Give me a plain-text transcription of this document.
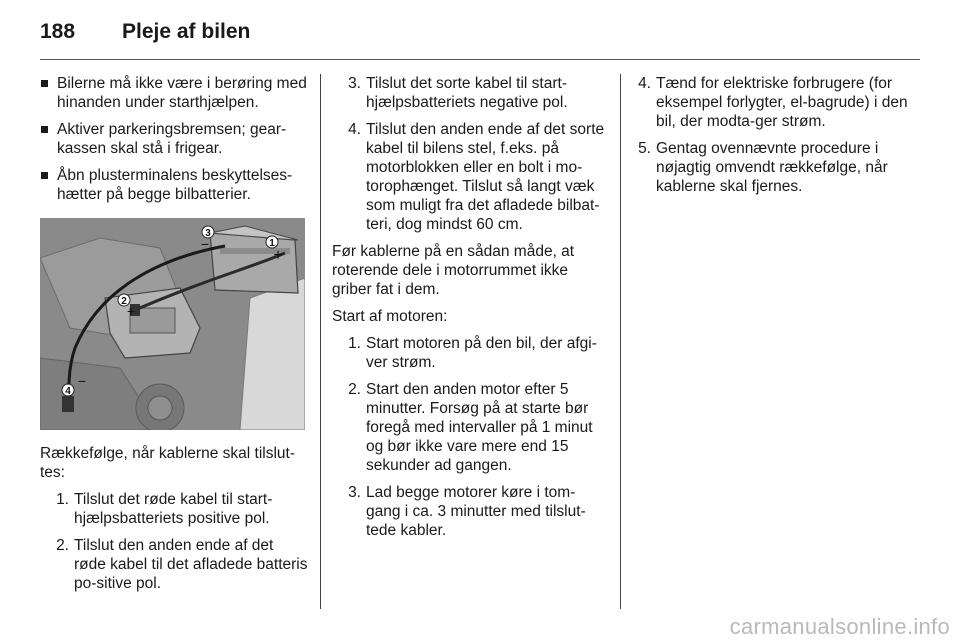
188	Pleje af bilen
Bilerne må ikke være i berøring med hinanden under starthjælpen.
Aktiver parkeringsbremsen; gear-kassen skal stå i frigear.
Åbn plusterminalens beskyttelses-hætter på begge bilbatterier.
3
−	1
+
2
+
4
−
Rækkefølge, når kablerne skal tilslut-tes:
1. Tilslut det røde kabel til start-hjælpsbatteriets positive pol.
2. Tilslut den anden ende af det røde kabel til det afladede batteris po-sitive pol.
3. Tilslut det sorte kabel til start-hjælpsbatteriets negative pol.
4. Tilslut den anden ende af det sorte kabel til bilens stel, f.eks. på motorblokken eller en bolt i mo-torophænget. Tilslut så langt væk som muligt fra det afladede bilbat-teri, dog mindst 60 cm.
Før kablerne på en sådan måde, at roterende dele i motorrummet ikke griber fat i dem.
Start af motoren:
1. Start motoren på den bil, der afgi-ver strøm.
2. Start den anden motor efter 5 minutter. Forsøg på at starte bør foregå med intervaller på 1 minut og bør ikke vare mere end 15 sekunder ad gangen.
3. Lad begge motorer køre i tom-gang i ca. 3 minutter med tilslut-tede kabler.
4. Tænd for elektriske forbrugere (for eksempel forlygter, el-bagrude) i den bil, der modta-ger strøm.
5. Gentag ovennævnte procedure i nøjagtig omvendt rækkefølge, når kablerne skal fjernes.
carmanualsonline.info
